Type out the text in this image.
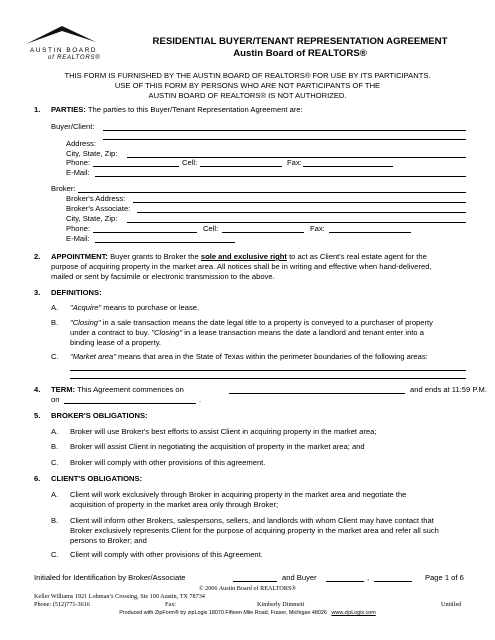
AUSTIN BOARD
of REALTORS®
RESIDENTIAL BUYER/TENANT REPRESENTATION AGREEMENT
Austin Board of REALTORS®
THIS FORM IS FURNISHED BY THE AUSTIN BOARD OF REALTORS® FOR USE BY ITS PARTICIPANTS.
USE OF THIS FORM BY PERSONS WHO ARE NOT PARTICIPANTS OF THE
AUSTIN BOARD OF REALTORS® IS NOT AUTHORIZED.
1. PARTIES: The parties to this Buyer/Tenant Representation Agreement are:
Buyer/Client:
Address:
City, State, Zip:
Phone:	Cell:	Fax:
E-Mail:
Broker:
Broker's Address:
Broker's Associate:
City, State, Zip:
Phone:	Cell:	Fax:
E-Mail:
2. APPOINTMENT: Buyer grants to Broker the sole and exclusive right to act as Client's real estate agent for the
purpose of acquiring property in the market area. All notices shall be in writing and effective when hand-delivered,
mailed or sent by facsimile or electronic transmission to the above.
3. DEFINITIONS:
A. "Acquire" means to purchase or lease.
B. "Closing" in a sale transaction means the date legal title to a property is conveyed to a purchaser of property
under a contract to buy. "Closing" in a lease transaction means the date a landlord and tenant enter into a
binding lease of a property.
C. "Market area" means that area in the State of Texas within the perimeter boundaries of the following areas:
4. TERM: This Agreement commences on	and ends at 11:59 P.M.
on	.
5. BROKER'S OBLIGATIONS:
A. Broker will use Broker's best efforts to assist Client in acquiring property in the market area;
B. Broker will assist Client in negotiating the acquisition of property in the market area; and
C. Broker will comply with other provisions of this agreement.
6. CLIENT'S OBLIGATIONS:
A. Client will work exclusively through Broker in acquiring property in the market area and negotiate the
acquisition of property in the market area only through Broker;
B. Client will inform other Brokers, salespersons, sellers, and landlords with whom Client may have contact that
Broker exclusively represents Client for the purpose of acquiring property in the market area and refer all such
persons to Broker; and
C. Client will comply with other provisions of this Agreement.
Initialed for Identification by Broker/Associate	and Buyer	,	Page 1 of 6
© 2006 Austin Board of REALTORS®
Keller Williams 1921 Lohman’s Crossing, Ste 100 Austin, TX 78734
Phone: (512)771-3616	Fax:	Kimberly Dimmett	Untitled
Produced with ZipForm® by zipLogix 18070 Fifteen Mile Road, Fraser, Michigan 48026 www.zipLogix.com
